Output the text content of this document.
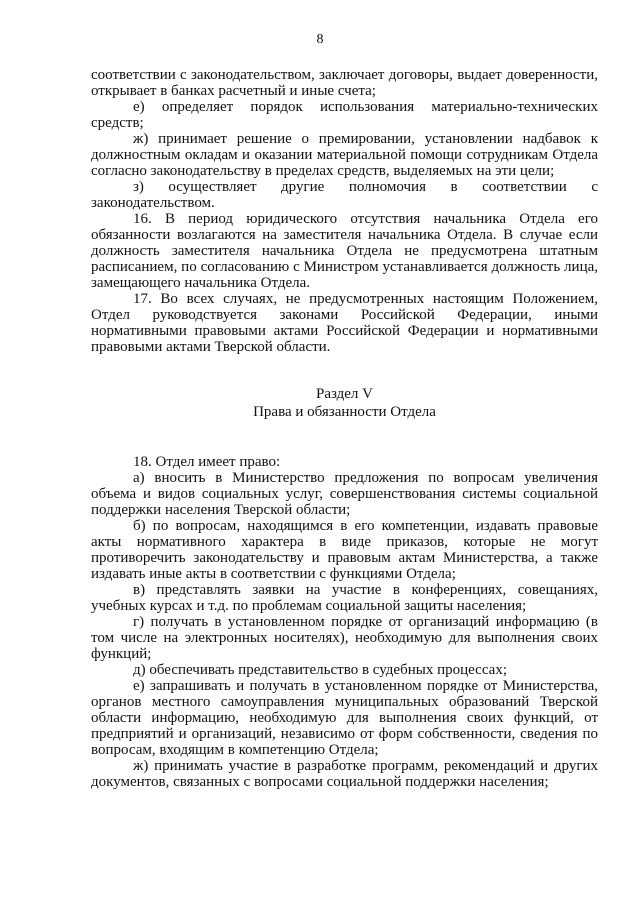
8

соответствии с законодательством, заключает договоры, выдает доверенности, открывает в банках расчетный и иные счета;

е) определяет порядок использования материально-технических средств;

ж) принимает решение о премировании, установлении надбавок к должностным окладам и оказании материальной помощи сотрудникам Отдела согласно законодательству в пределах средств, выделяемых на эти цели;

з) осуществляет другие полномочия в соответствии с законодательством.

16. В период юридического отсутствия начальника Отдела его обязанности возлагаются на заместителя начальника Отдела. В случае если должность заместителя начальника Отдела не предусмотрена штатным расписанием, по согласованию с Министром устанавливается должность лица, замещающего начальника Отдела.

17. Во всех случаях, не предусмотренных настоящим Положением, Отдел руководствуется законами Российской Федерации, иными нормативными правовыми актами Российской Федерации и нормативными правовыми актами Тверской области.

Раздел V
Права и обязанности Отдела

18. Отдел имеет право:

а) вносить в Министерство предложения по вопросам увеличения объема и видов социальных услуг, совершенствования системы социальной поддержки населения Тверской области;

б) по вопросам, находящимся в его компетенции, издавать правовые акты нормативного характера в виде приказов, которые не могут противоречить законодательству и правовым актам Министерства, а также издавать иные акты в соответствии с функциями Отдела;

в) представлять заявки на участие в конференциях, совещаниях, учебных курсах и т.д. по проблемам социальной защиты населения;

г) получать в установленном порядке от организаций информацию (в том числе на электронных носителях), необходимую для выполнения своих функций;

д) обеспечивать представительство в судебных процессах;

е) запрашивать и получать в установленном порядке от Министерства, органов местного самоуправления муниципальных образований Тверской области информацию, необходимую для выполнения своих функций, от предприятий и организаций, независимо от форм собственности, сведения по вопросам, входящим в компетенцию Отдела;

ж) принимать участие в разработке программ, рекомендаций и других документов, связанных с вопросами социальной поддержки населения;
